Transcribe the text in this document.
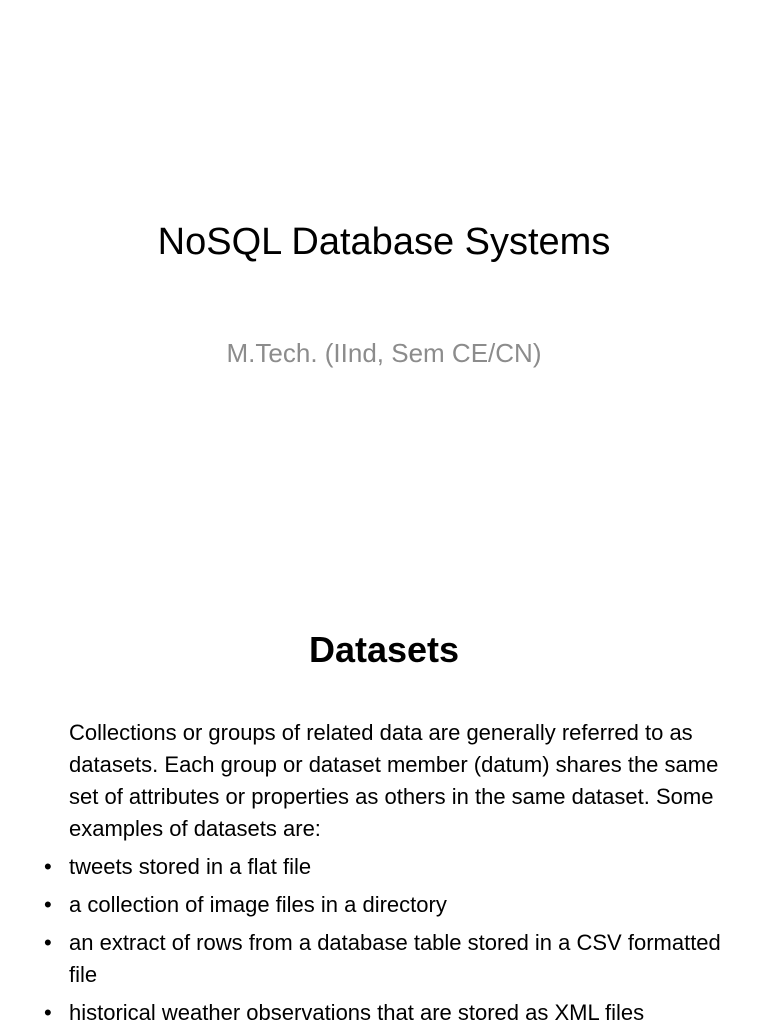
NoSQL Database Systems

M.Tech. (IInd, Sem CE/CN)

Datasets

Collections or groups of related data are generally referred to as datasets. Each group or dataset member (datum) shares the same set of attributes or properties as others in the same dataset. Some examples of datasets are:

• tweets stored in a flat file
• a collection of image files in a directory
• an extract of rows from a database table stored in a CSV formatted file
• historical weather observations that are stored as XML files
